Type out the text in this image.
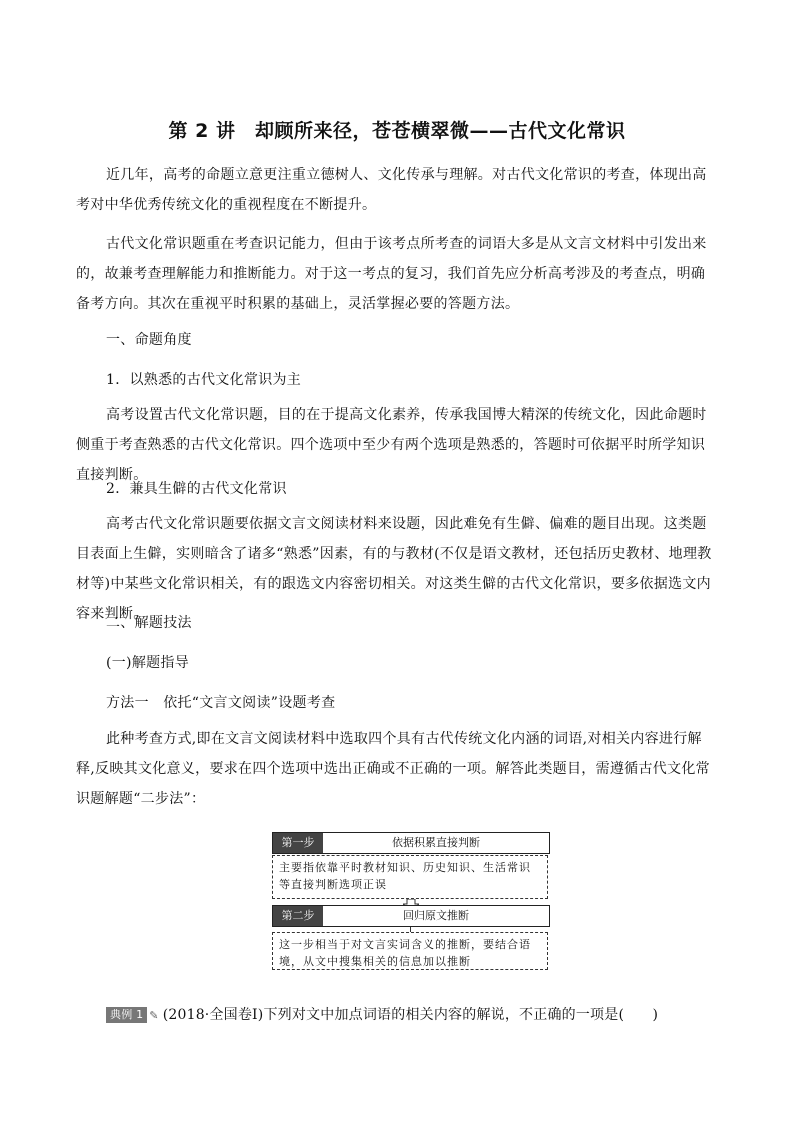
第 2 讲　却顾所来径，苍苍横翠微——古代文化常识
近几年，高考的命题立意更注重立德树人、文化传承与理解。对古代文化常识的考查，体现出高考对中华优秀传统文化的重视程度在不断提升。
古代文化常识题重在考查识记能力，但由于该考点所考查的词语大多是从文言文材料中引发出来的，故兼考查理解能力和推断能力。对于这一考点的复习，我们首先应分析高考涉及的考查点，明确备考方向。其次在重视平时积累的基础上，灵活掌握必要的答题方法。
一、命题角度
1．以熟悉的古代文化常识为主
高考设置古代文化常识题，目的在于提高文化素养，传承我国博大精深的传统文化，因此命题时侧重于考查熟悉的古代文化常识。四个选项中至少有两个选项是熟悉的，答题时可依据平时所学知识直接判断。
2．兼具生僻的古代文化常识
高考古代文化常识题要依据文言文阅读材料来设题，因此难免有生僻、偏难的题目出现。这类题目表面上生僻，实则暗含了诸多“熟悉”因素，有的与教材(不仅是语文教材，还包括历史教材、地理教材等)中某些文化常识相关，有的跟选文内容密切相关。对这类生僻的古代文化常识，要多依据选文内容来判断。
二、解题技法
(一)解题指导
方法一　依托“文言文阅读”设题考查
此种考查方式,即在文言文阅读材料中选取四个具有古代传统文化内涵的词语,对相关内容进行解释,反映其文化意义，要求在四个选项中选出正确或不正确的一项。解答此类题目，需遵循古代文化常识题解题“二步法”：
第一步	依据积累直接判断
主要指依靠平时教材知识、历史知识、生活常识等直接判断选项正误
第二步	回归原文推断
这一步相当于对文言实词含义的推断，要结合语境，从文中搜集相关的信息加以推断
典例 1 ✎ (2018·全国卷Ⅰ)下列对文中加点词语的相关内容的解说，不正确的一项是(　　)
